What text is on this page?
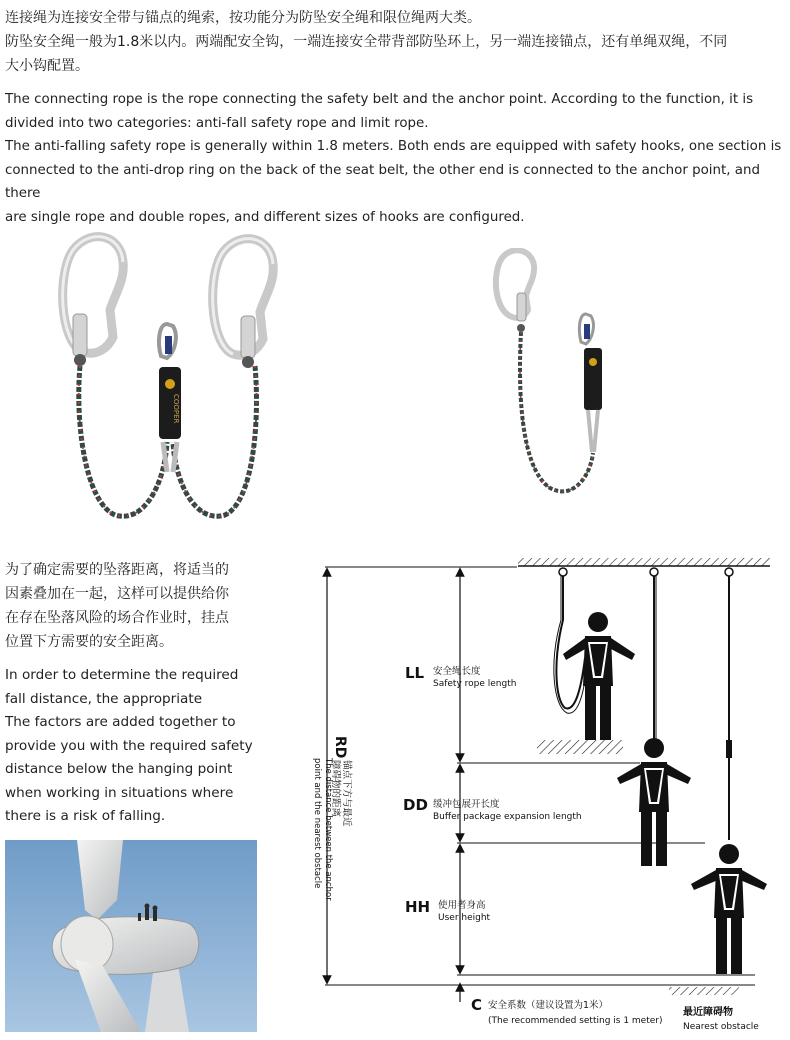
连接绳为连接安全带与锚点的绳索，按功能分为防坠安全绳和限位绳两大类。

防坠安全绳一般为1.8米以内。两端配安全钩，一端连接安全带背部防坠环上，另一端连接锚点，还有单绳双绳，不同

大小钩配置。

The connecting rope is the rope connecting the safety belt and the anchor point. According to the function, it is

divided into two categories: anti-fall safety rope and limit rope.

The anti-falling safety rope is generally within 1.8 meters. Both ends are equipped with safety hooks, one section is

connected to the anti-drop ring on the back of the seat belt, the other end is connected to the anchor point, and there

are single rope and double ropes, and different sizes of hooks are configured.

COOPER

为了确定需要的坠落距离，将适当的

因素叠加在一起，这样可以提供给你

在存在坠落风险的场合作业时，挂点

位置下方需要的安全距离。

In order to determine the required

fall distance, the appropriate

The factors are added together to

provide you with the required safety

distance below the hanging point

when working in situations where

there is a risk of falling.

RD
锚点下方与最近
障碍物的距离
The distance between the anchor
point and the nearest obstacle
LL 安全绳长度
Safety rope length
DD 缓冲包展开长度
Buffer package expansion length
HH 使用者身高
User height
C 安全系数（建议设置为1米）
(The recommended setting is 1 meter)
最近障碍物
Nearest obstacle
